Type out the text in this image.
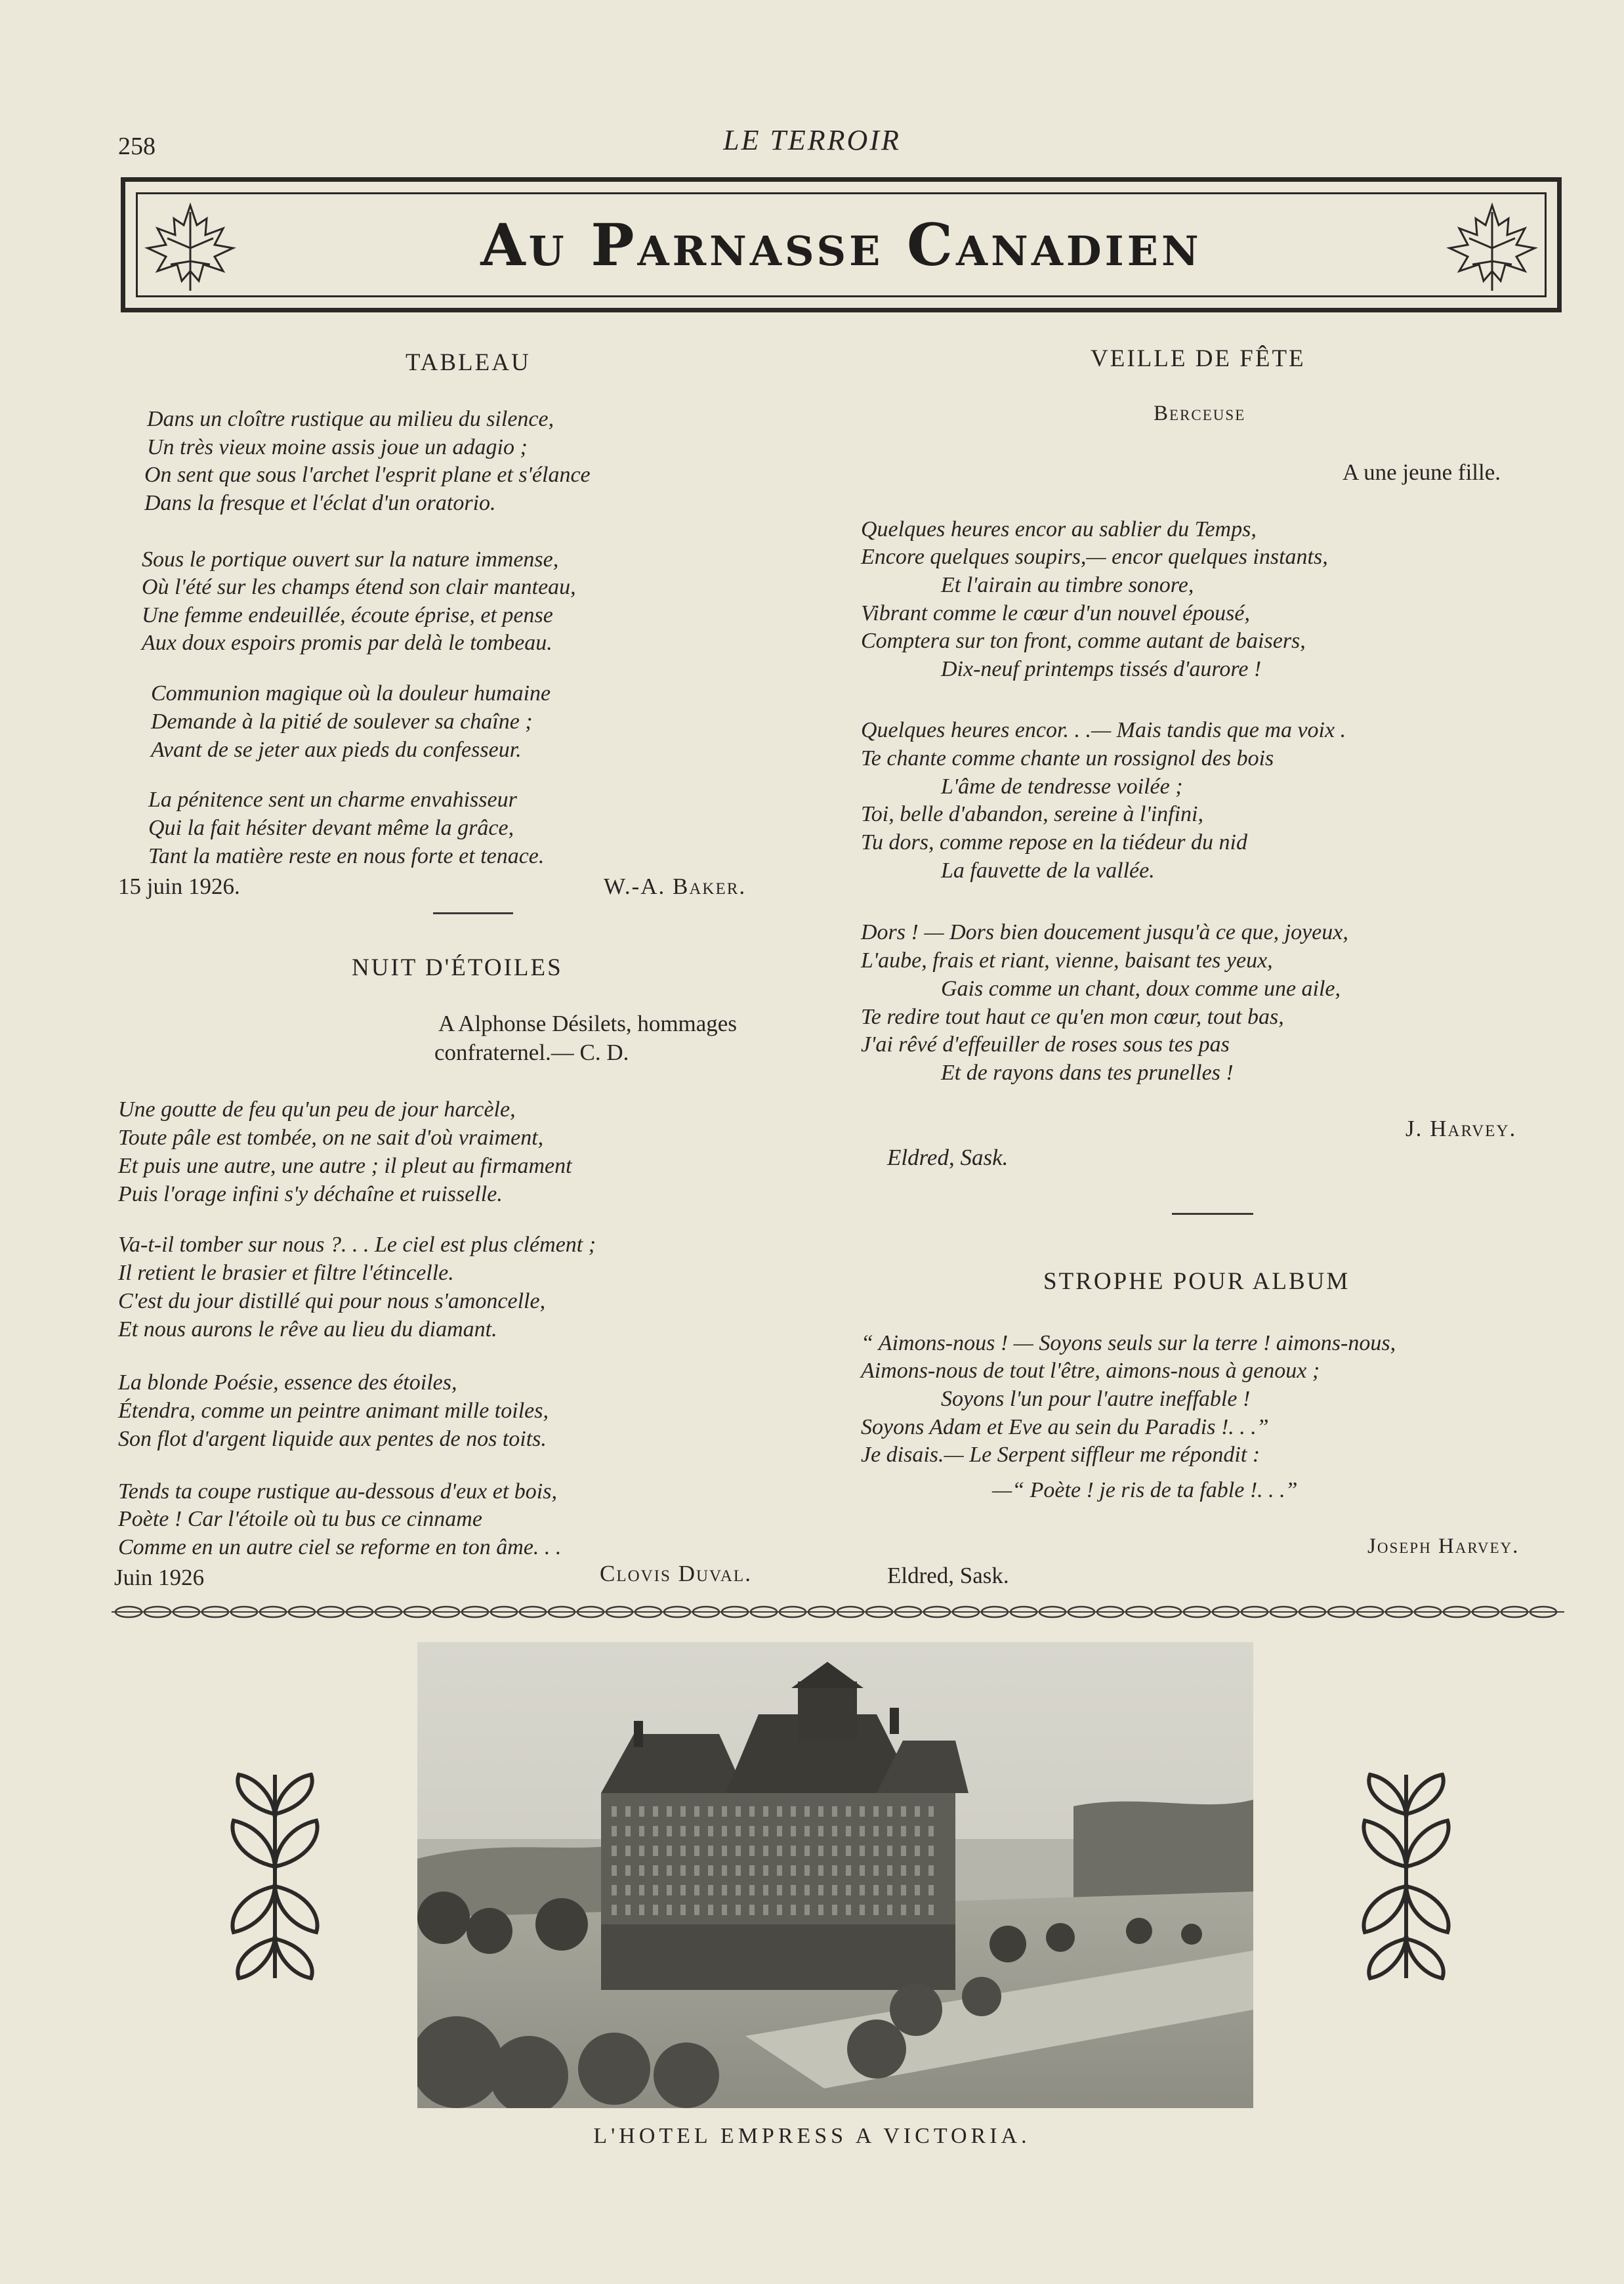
258	LE TERROIR
Au Parnasse Canadien
TABLEAU
Dans un cloître rustique au milieu du silence,
Un très vieux moine assis joue un adagio ;
On sent que sous l'archet l'esprit plane et s'élance
Dans la fresque et l'éclat d'un oratorio.
Sous le portique ouvert sur la nature immense,
Où l'été sur les champs étend son clair manteau,
Une femme endeuillée, écoute éprise, et pense
Aux doux espoirs promis par delà le tombeau.
Communion magique où la douleur humaine
Demande à la pitié de soulever sa chaîne ;
Avant de se jeter aux pieds du confesseur.
La pénitence sent un charme envahisseur
Qui la fait hésiter devant même la grâce,
Tant la matière reste en nous forte et tenace.
15 juin 1926.	W.-A. Baker.
NUIT D'ÉTOILES
A Alphonse Désilets, hommages
confraternel.— C. D.
Une goutte de feu qu'un peu de jour harcèle,
Toute pâle est tombée, on ne sait d'où vraiment,
Et puis une autre, une autre ; il pleut au firmament
Puis l'orage infini s'y déchaîne et ruisselle.
Va-t-il tomber sur nous ?. . . Le ciel est plus clément ;
Il retient le brasier et filtre l'étincelle.
C'est du jour distillé qui pour nous s'amoncelle,
Et nous aurons le rêve au lieu du diamant.
La blonde Poésie, essence des étoiles,
Étendra, comme un peintre animant mille toiles,
Son flot d'argent liquide aux pentes de nos toits.
Tends ta coupe rustique au-dessous d'eux et bois,
Poète ! Car l'étoile où tu bus ce cinname
Comme en un autre ciel se reforme en ton âme. . .
Juin 1926	Clovis Duval.
VEILLE DE FÊTE
Berceuse
A une jeune fille.
Quelques heures encor au sablier du Temps,
Encore quelques soupirs,— encor quelques instants,
Et l'airain au timbre sonore,
Vibrant comme le cœur d'un nouvel épousé,
Comptera sur ton front, comme autant de baisers,
Dix-neuf printemps tissés d'aurore !
Quelques heures encor. . .— Mais tandis que ma voix .
Te chante comme chante un rossignol des bois
L'âme de tendresse voilée ;
Toi, belle d'abandon, sereine à l'infini,
Tu dors, comme repose en la tiédeur du nid
La fauvette de la vallée.
Dors ! — Dors bien doucement jusqu'à ce que, joyeux,
L'aube, frais et riant, vienne, baisant tes yeux,
Gais comme un chant, doux comme une aile,
Te redire tout haut ce qu'en mon cœur, tout bas,
J'ai rêvé d'effeuiller de roses sous tes pas
Et de rayons dans tes prunelles !
J. Harvey.
Eldred, Sask.
STROPHE POUR ALBUM
“ Aimons-nous ! — Soyons seuls sur la terre ! aimons-nous,
Aimons-nous de tout l'être, aimons-nous à genoux ;
Soyons l'un pour l'autre ineffable !
Soyons Adam et Eve au sein du Paradis !. . .”
Je disais.— Le Serpent siffleur me répondit :
—“ Poète ! je ris de ta fable !. . .”
Joseph Harvey.
Eldred, Sask.
L'HOTEL EMPRESS A VICTORIA.
